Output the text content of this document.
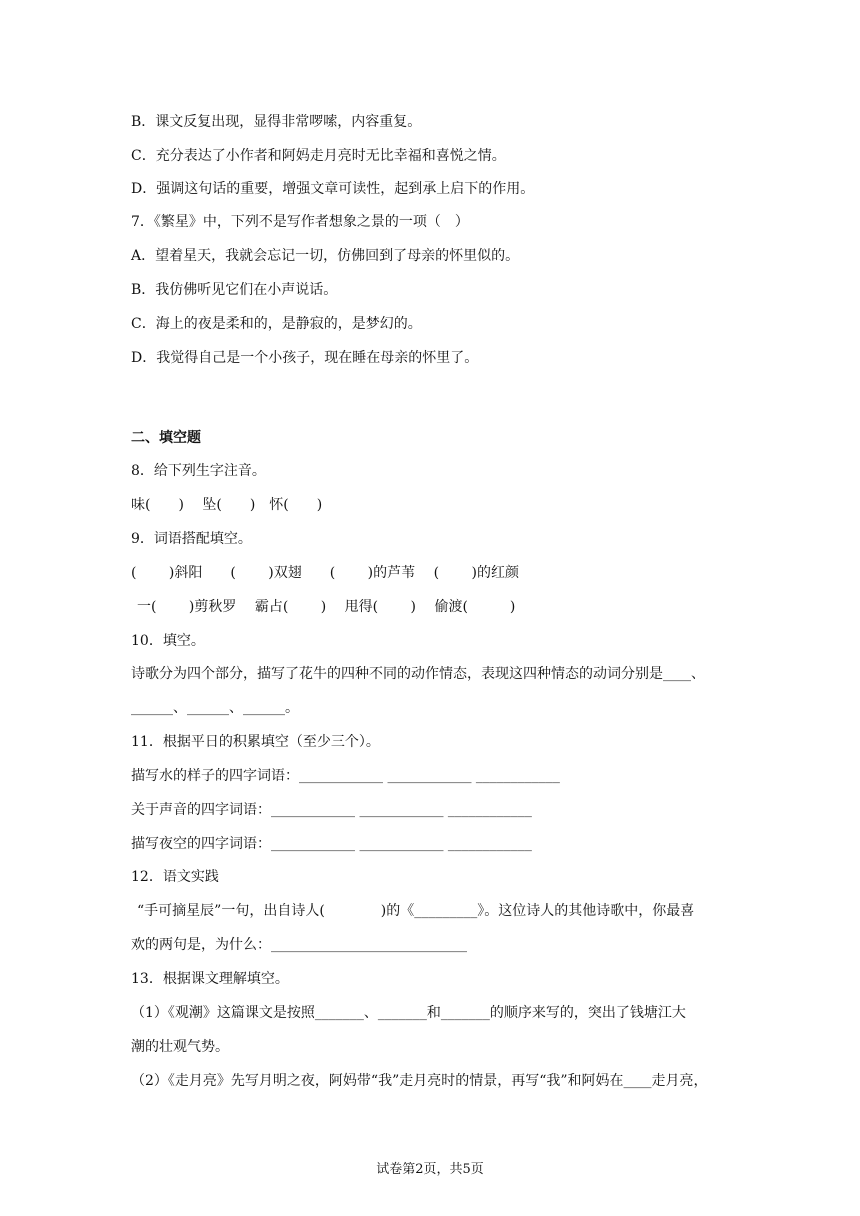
B．课文反复出现，显得非常啰嗦，内容重复。
C．充分表达了小作者和阿妈走月亮时无比幸福和喜悦之情。
D．强调这句话的重要，增强文章可读性，起到承上启下的作用。
7．《繁星》中，下列不是写作者想象之景的一项（　）
A．望着星天，我就会忘记一切，仿佛回到了母亲的怀里似的。
B．我仿佛听见它们在小声说话。
C．海上的夜是柔和的，是静寂的，是梦幻的。
D．我觉得自己是一个小孩子，现在睡在母亲的怀里了。
二、填空题
8．给下列生字注音。
味(　　)　 坠(　　)　怀(　　)
9．词语搭配填空。
(　　 )斜阳　　(　　 )双翅　　(　　 )的芦苇　 (　　 )的红颜
一(　　 )剪秋罗　 霸占(　　 )　 甩得(　　 )　 偷渡(　　　)
10．填空。
诗歌分为四个部分，描写了花牛的四种不同的动作情态，表现这四种情态的动词分别是____、
______、______、______。
11．根据平日的积累填空（至少三个）。
描写水的样子的四字词语：____________ ____________ ____________
关于声音的四字词语：____________ ____________ ____________
描写夜空的四字词语：____________ ____________ ____________
12．语文实践
“手可摘星辰”一句，出自诗人(　　　　)的《_________》。这位诗人的其他诗歌中，你最喜
欢的两句是，为什么：____________________________
13．根据课文理解填空。
（1）《观潮》这篇课文是按照_______、_______和_______的顺序来写的，突出了钱塘江大
潮的壮观气势。
（2）《走月亮》先写月明之夜，阿妈带“我”走月亮时的情景，再写“我”和阿妈在____走月亮，
试卷第2页，共5页
